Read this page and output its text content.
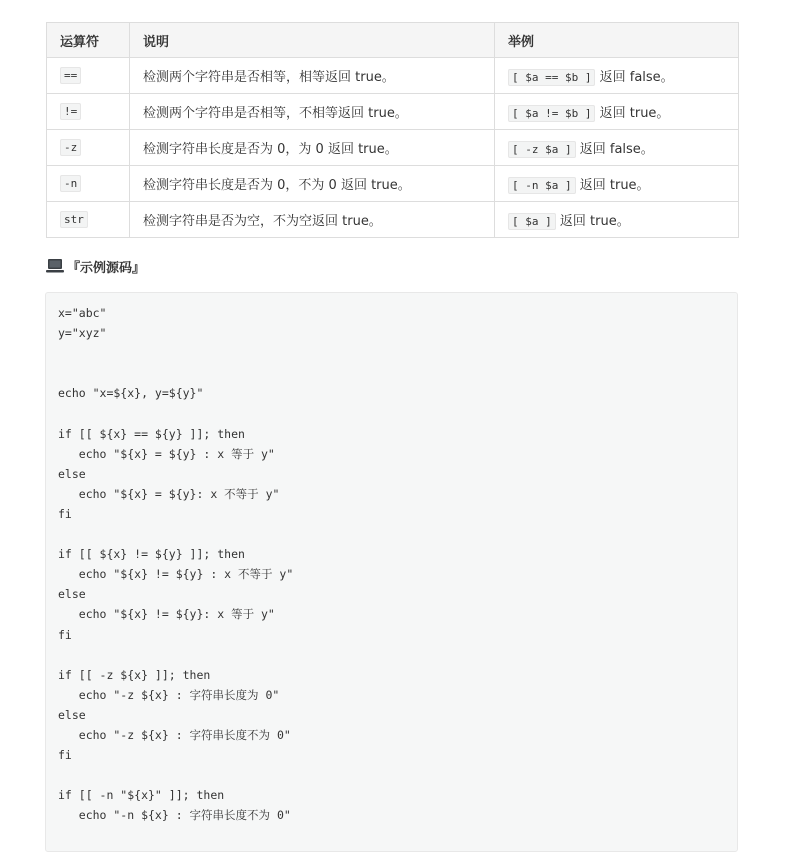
运算符	说明	举例
==	检测两个字符串是否相等，相等返回 true。	[ $a == $b ] 返回 false。
!=	检测两个字符串是否相等，不相等返回 true。	[ $a != $b ] 返回 true。
-z	检测字符串长度是否为 0，为 0 返回 true。	[ -z $a ] 返回 false。
-n	检测字符串长度是否为 0，不为 0 返回 true。	[ -n $a ] 返回 true。
str	检测字符串是否为空，不为空返回 true。	[ $a ] 返回 true。
『示例源码』
x="abc"
y="xyz"

echo "x=${x}, y=${y}"

if [[ ${x} == ${y} ]]; then
echo "${x} = ${y} : x 等于 y"
else
echo "${x} = ${y}: x 不等于 y"
fi

if [[ ${x} != ${y} ]]; then
echo "${x} != ${y} : x 不等于 y"
else
echo "${x} != ${y}: x 等于 y"
fi

if [[ -z ${x} ]]; then
echo "-z ${x} : 字符串长度为 0"
else
echo "-z ${x} : 字符串长度不为 0"
fi

if [[ -n "${x}" ]]; then
echo "-n ${x} : 字符串长度不为 0"
